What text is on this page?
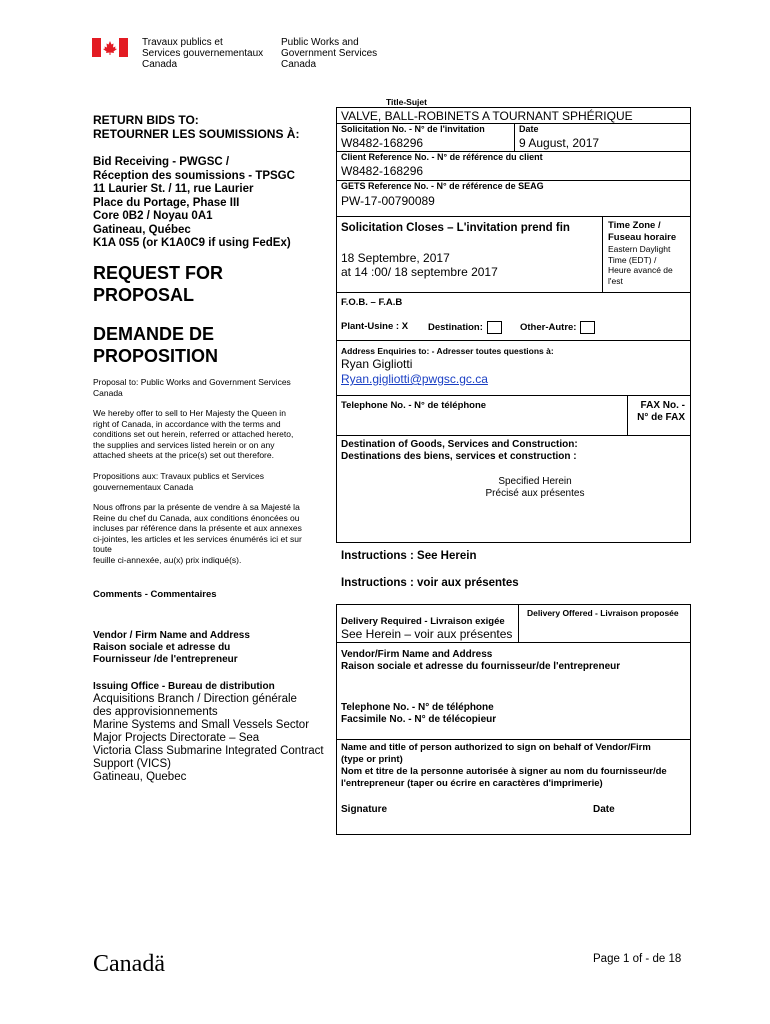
Travaux publics et
Services gouvernementaux
Canada
Public Works and
Government Services
Canada
RETURN BIDS TO:
RETOURNER LES SOUMISSIONS À:
Bid Receiving - PWGSC /
Réception des soumissions - TPSGC
11 Laurier St. / 11, rue Laurier
Place du Portage, Phase III
Core 0B2 / Noyau 0A1
Gatineau, Québec
K1A 0S5 (or K1A0C9 if using FedEx)
REQUEST FOR
PROPOSAL
DEMANDE DE
PROPOSITION
Proposal to: Public Works and Government Services
Canada
We hereby offer to sell to Her Majesty the Queen in
right of Canada, in accordance with the terms and
conditions set out herein, referred or attached hereto,
the supplies and services listed herein or on any
attached sheets at the price(s) set out therefore.
Propositions aux: Travaux publics et Services
gouvernementaux Canada
Nous offrons par la présente de vendre à sa Majesté la
Reine du chef du Canada, aux conditions énoncées ou
incluses par référence dans la présente et aux annexes
ci-jointes, les articles et les services énumérés ici et sur
toute
feuille ci-annexée, au(x) prix indiqué(s).
Comments - Commentaires
Vendor / Firm Name and Address
Raison sociale et adresse du
Fournisseur /de l'entrepreneur
Issuing Office - Bureau de distribution
Acquisitions Branch / Direction générale
des approvisionnements
Marine Systems and Small Vessels Sector
Major Projects Directorate – Sea
Victoria Class Submarine Integrated Contract
Support (VICS)
Gatineau, Quebec
Title-Sujet
VALVE, BALL-ROBINETS A TOURNANT SPHÉRIQUE
Solicitation No. - N° de l'invitation
W8482-168296
Date
9 August, 2017
Client Reference No. - N° de référence du client
W8482-168296
GETS Reference No. - N° de référence de SEAG
PW-17-00790089
Solicitation Closes – L'invitation prend fin
18 Septembre, 2017
at 14 :00/ 18 septembre 2017
Time Zone /
Fuseau horaire
Eastern Daylight
Time (EDT) /
Heure avancé de
l'est
F.O.B. – F.A.B
Plant-Usine : X Destination:	Other-Autre:
Address Enquiries to: - Adresser toutes questions à:
Ryan Gigliotti
Ryan.gigliotti@pwgsc.gc.ca
Telephone No. - N° de téléphone	FAX No. -
N° de FAX
Destination of Goods, Services and Construction:
Destinations des biens, services et construction :
Specified Herein
Précisé aux présentes
Instructions : See Herein
Instructions : voir aux présentes
Delivery Required - Livraison exigée
See Herein – voir aux présentes
Delivery Offered - Livraison proposée
Vendor/Firm Name and Address
Raison sociale et adresse du fournisseur/de l'entrepreneur
Telephone No. - N° de téléphone
Facsimile No. - N° de télécopieur
Name and title of person authorized to sign on behalf of Vendor/Firm
(type or print)
Nom et titre de la personne autorisée à signer au nom du fournisseur/de
l'entrepreneur (taper ou écrire en caractères d'imprimerie)
Signature	Date
Canadä	Page 1 of - de 18
